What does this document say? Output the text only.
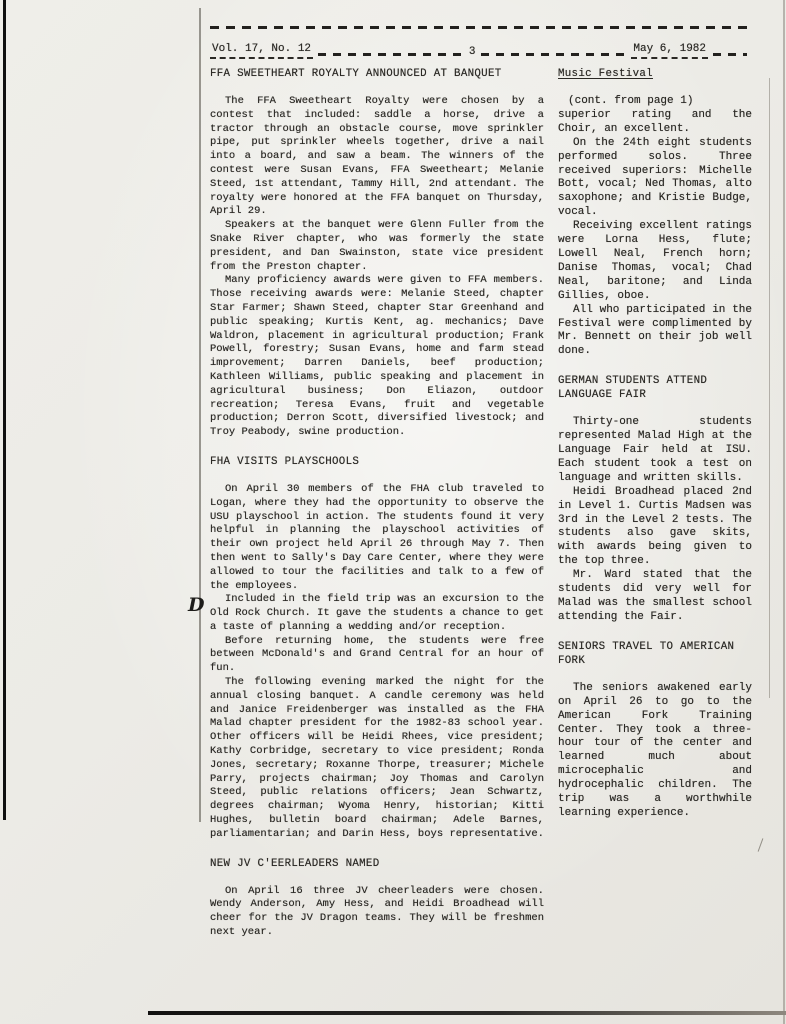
D
Vol. 17, No. 12	3	May 6, 1982
FFA SWEETHEART ROYALTY ANNOUNCED AT BANQUET

The FFA Sweetheart Royalty were chosen by a contest that included: saddle a horse, drive a tractor through an obstacle course, move sprinkler pipe, put sprinkler wheels together, drive a nail into a board, and saw a beam. The winners of the contest were Susan Evans, FFA Sweetheart; Melanie Steed, 1st attendant, Tammy Hill, 2nd attendant. The royalty were honored at the FFA banquet on Thursday, April 29.

Speakers at the banquet were Glenn Fuller from the Snake River chapter, who was formerly the state president, and Dan Swainston, state vice president from the Preston chapter.

Many proficiency awards were given to FFA members. Those receiving awards were: Melanie Steed, chapter Star Farmer; Shawn Steed, chapter Star Greenhand and public speaking; Kurtis Kent, ag. mechanics; Dave Waldron, placement in agricultural production; Frank Powell, forestry; Susan Evans, home and farm stead improvement; Darren Daniels, beef production; Kathleen Williams, public speaking and placement in agricultural business; Don Eliazon, outdoor recreation; Teresa Evans, fruit and vegetable production; Derron Scott, diversified livestock; and Troy Peabody, swine production.

FHA VISITS PLAYSCHOOLS

On April 30 members of the FHA club traveled to Logan, where they had the opportunity to observe the USU playschool in action. The students found it very helpful in planning the playschool activities of their own project held April 26 through May 7. Then then went to Sally's Day Care Center, where they were allowed to tour the facilities and talk to a few of the employees.

Included in the field trip was an excursion to the Old Rock Church. It gave the students a chance to get a taste of planning a wedding and/or reception.

Before returning home, the students were free between McDonald's and Grand Central for an hour of fun.

The following evening marked the night for the annual closing banquet. A candle ceremony was held and Janice Freidenberger was installed as the FHA Malad chapter president for the 1982-83 school year. Other officers will be Heidi Rhees, vice president; Kathy Corbridge, secretary to vice president; Ronda Jones, secretary; Roxanne Thorpe, treasurer; Michele Parry, projects chairman; Joy Thomas and Carolyn Steed, public relations officers; Jean Schwartz, degrees chairman; Wyoma Henry, historian; Kitti Hughes, bulletin board chairman; Adele Barnes, parliamentarian; and Darin Hess, boys representative.

NEW JV C'EERLEADERS NAMED

On April 16 three JV cheerleaders were chosen. Wendy Anderson, Amy Hess, and Heidi Broadhead will cheer for the JV Dragon teams. They will be freshmen next year.

Music Festival
(cont. from page 1)

superior rating and the Choir, an excellent.

On the 24th eight students performed solos. Three received superiors: Michelle Bott, vocal; Ned Thomas, alto saxophone; and Kristie Budge, vocal.

Receiving excellent ratings were Lorna Hess, flute; Lowell Neal, French horn; Danise Thomas, vocal; Chad Neal, baritone; and Linda Gillies, oboe.

All who participated in the Festival were complimented by Mr. Bennett on their job well done.

GERMAN STUDENTS ATTEND LANGUAGE FAIR

Thirty-one students represented Malad High at the Language Fair held at ISU. Each student took a test on language and written skills.

Heidi Broadhead placed 2nd in Level 1. Curtis Madsen was 3rd in the Level 2 tests. The students also gave skits, with awards being given to the top three.

Mr. Ward stated that the students did very well for Malad was the smallest school attending the Fair.

SENIORS TRAVEL TO AMERICAN FORK

The seniors awakened early on April 26 to go to the American Fork Training Center. They took a three-hour tour of the center and learned much about microcephalic and hydrocephalic children. The trip was a worthwhile learning experience.
